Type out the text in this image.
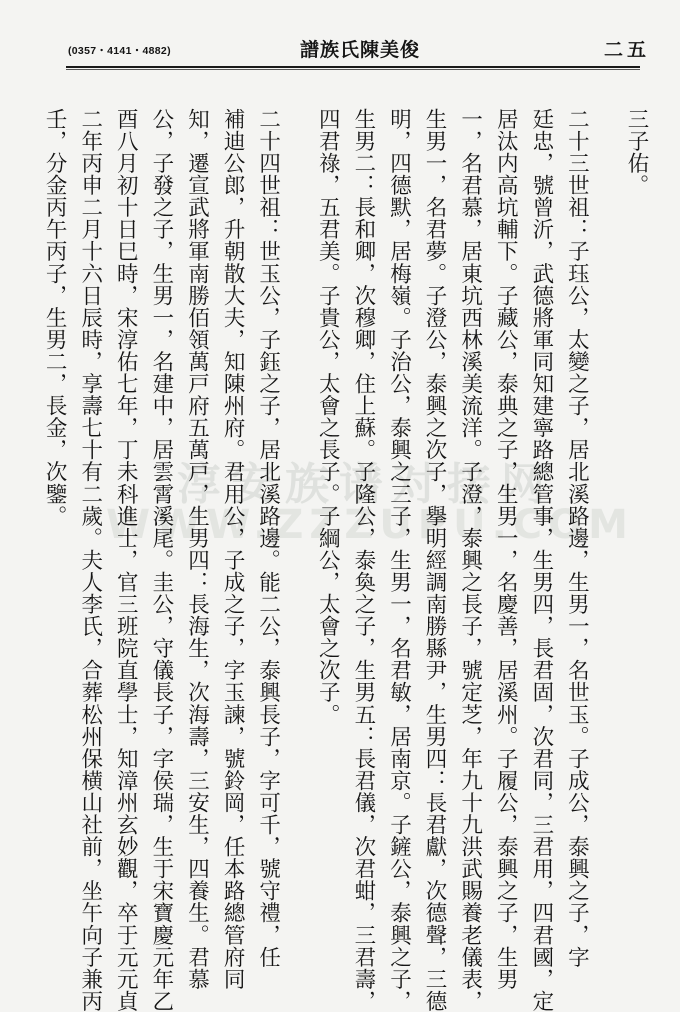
(0357・4141・4882)	譜族氏陳美俊	二五
淳安族谱对接网
WWW.ZZZUPU.COM
三子佑。
二十三世祖：子珏公，太變之子，居北溪路邊，生男一，名世玉。子成公，泰興之子，字
廷忠，號曾沂，武德將軍同知建寧路總管事，生男四，長君固，次君同，三君用，四君國，定
居汰内高坑輔下。子藏公，泰典之子，生男一，名慶善，居溪州。子履公，泰興之子，生男
一，名君慕，居東坑西林溪美流洋。子澄，泰興之長子，號定芝，年九十九洪武賜養老儀表，
生男一，名君夢。子澄公，泰興之次子，擧明經調南勝縣尹，生男四：長君獻，次德聲，三德
明，四德默，居梅嶺。子治公，泰興之三子，生男一，名君敏，居南京。子鏟公，泰興之子，
生男二：長和卿，次穆卿，住上蘇。子隆公，泰奐之子，生男五：長君儀，次君蚶，三君壽，
四君祿，五君美。子貴公，太會之長子。子綱公，太會之次子。
二十四世祖：世玉公，子鈺之子，居北溪路邊。能二公，泰興長子，字可千，號守禮，任
補迪公郎，升朝散大夫，知陳州府。君用公，子成之子，字玉諫，號鈴岡，任本路總管府同
知，遷宣武將軍南勝佰領萬戸府五萬戸，生男四：長海生，次海壽，三安生，四養生。君慕
公，子發之子，生男一，名建中，居雲霄溪尾。圭公，守儀長子，字侯瑞，生于宋寶慶元年乙
酉八月初十日巳時，宋淳佑七年，丁未科進士，官三班院直學士，知漳州玄妙觀，卒于元元貞
二年丙申二月十六日辰時，享壽七十有二歲。夫人李氏，合葬松州保横山社前，坐午向子兼丙
壬，分金丙午丙子，生男二，長金，次鑒。
